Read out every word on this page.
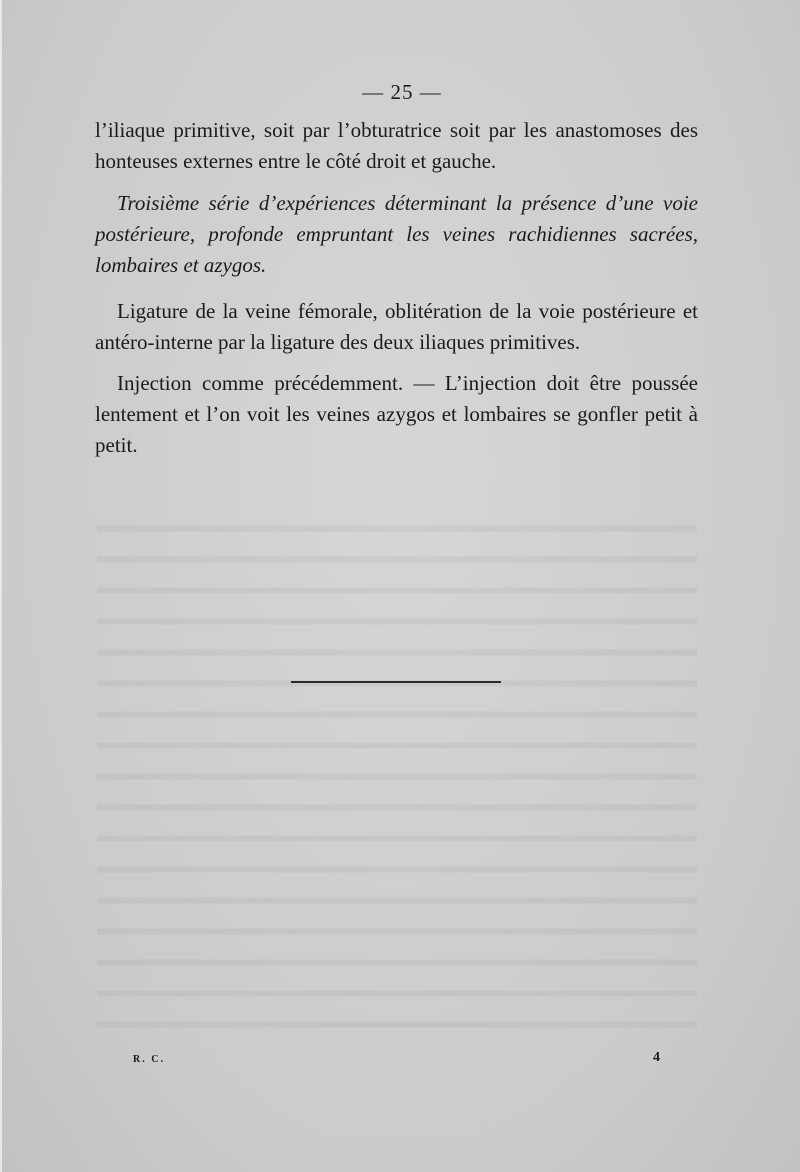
— 25 —

l’iliaque primitive, soit par l’obturatrice soit par les anastomoses des honteuses externes entre le côté droit et gauche.

Troisième série d’expériences déterminant la présence d’une voie postérieure, profonde empruntant les veines rachidiennes sacrées, lombaires et azygos.

Ligature de la veine fémorale, oblitération de la voie postérieure et antéro-interne par la ligature des deux iliaques primitives.

Injection comme précédemment. — L’injection doit être poussée lentement et l’on voit les veines azygos et lombaires se gonfler petit à petit.

R. C.	4
